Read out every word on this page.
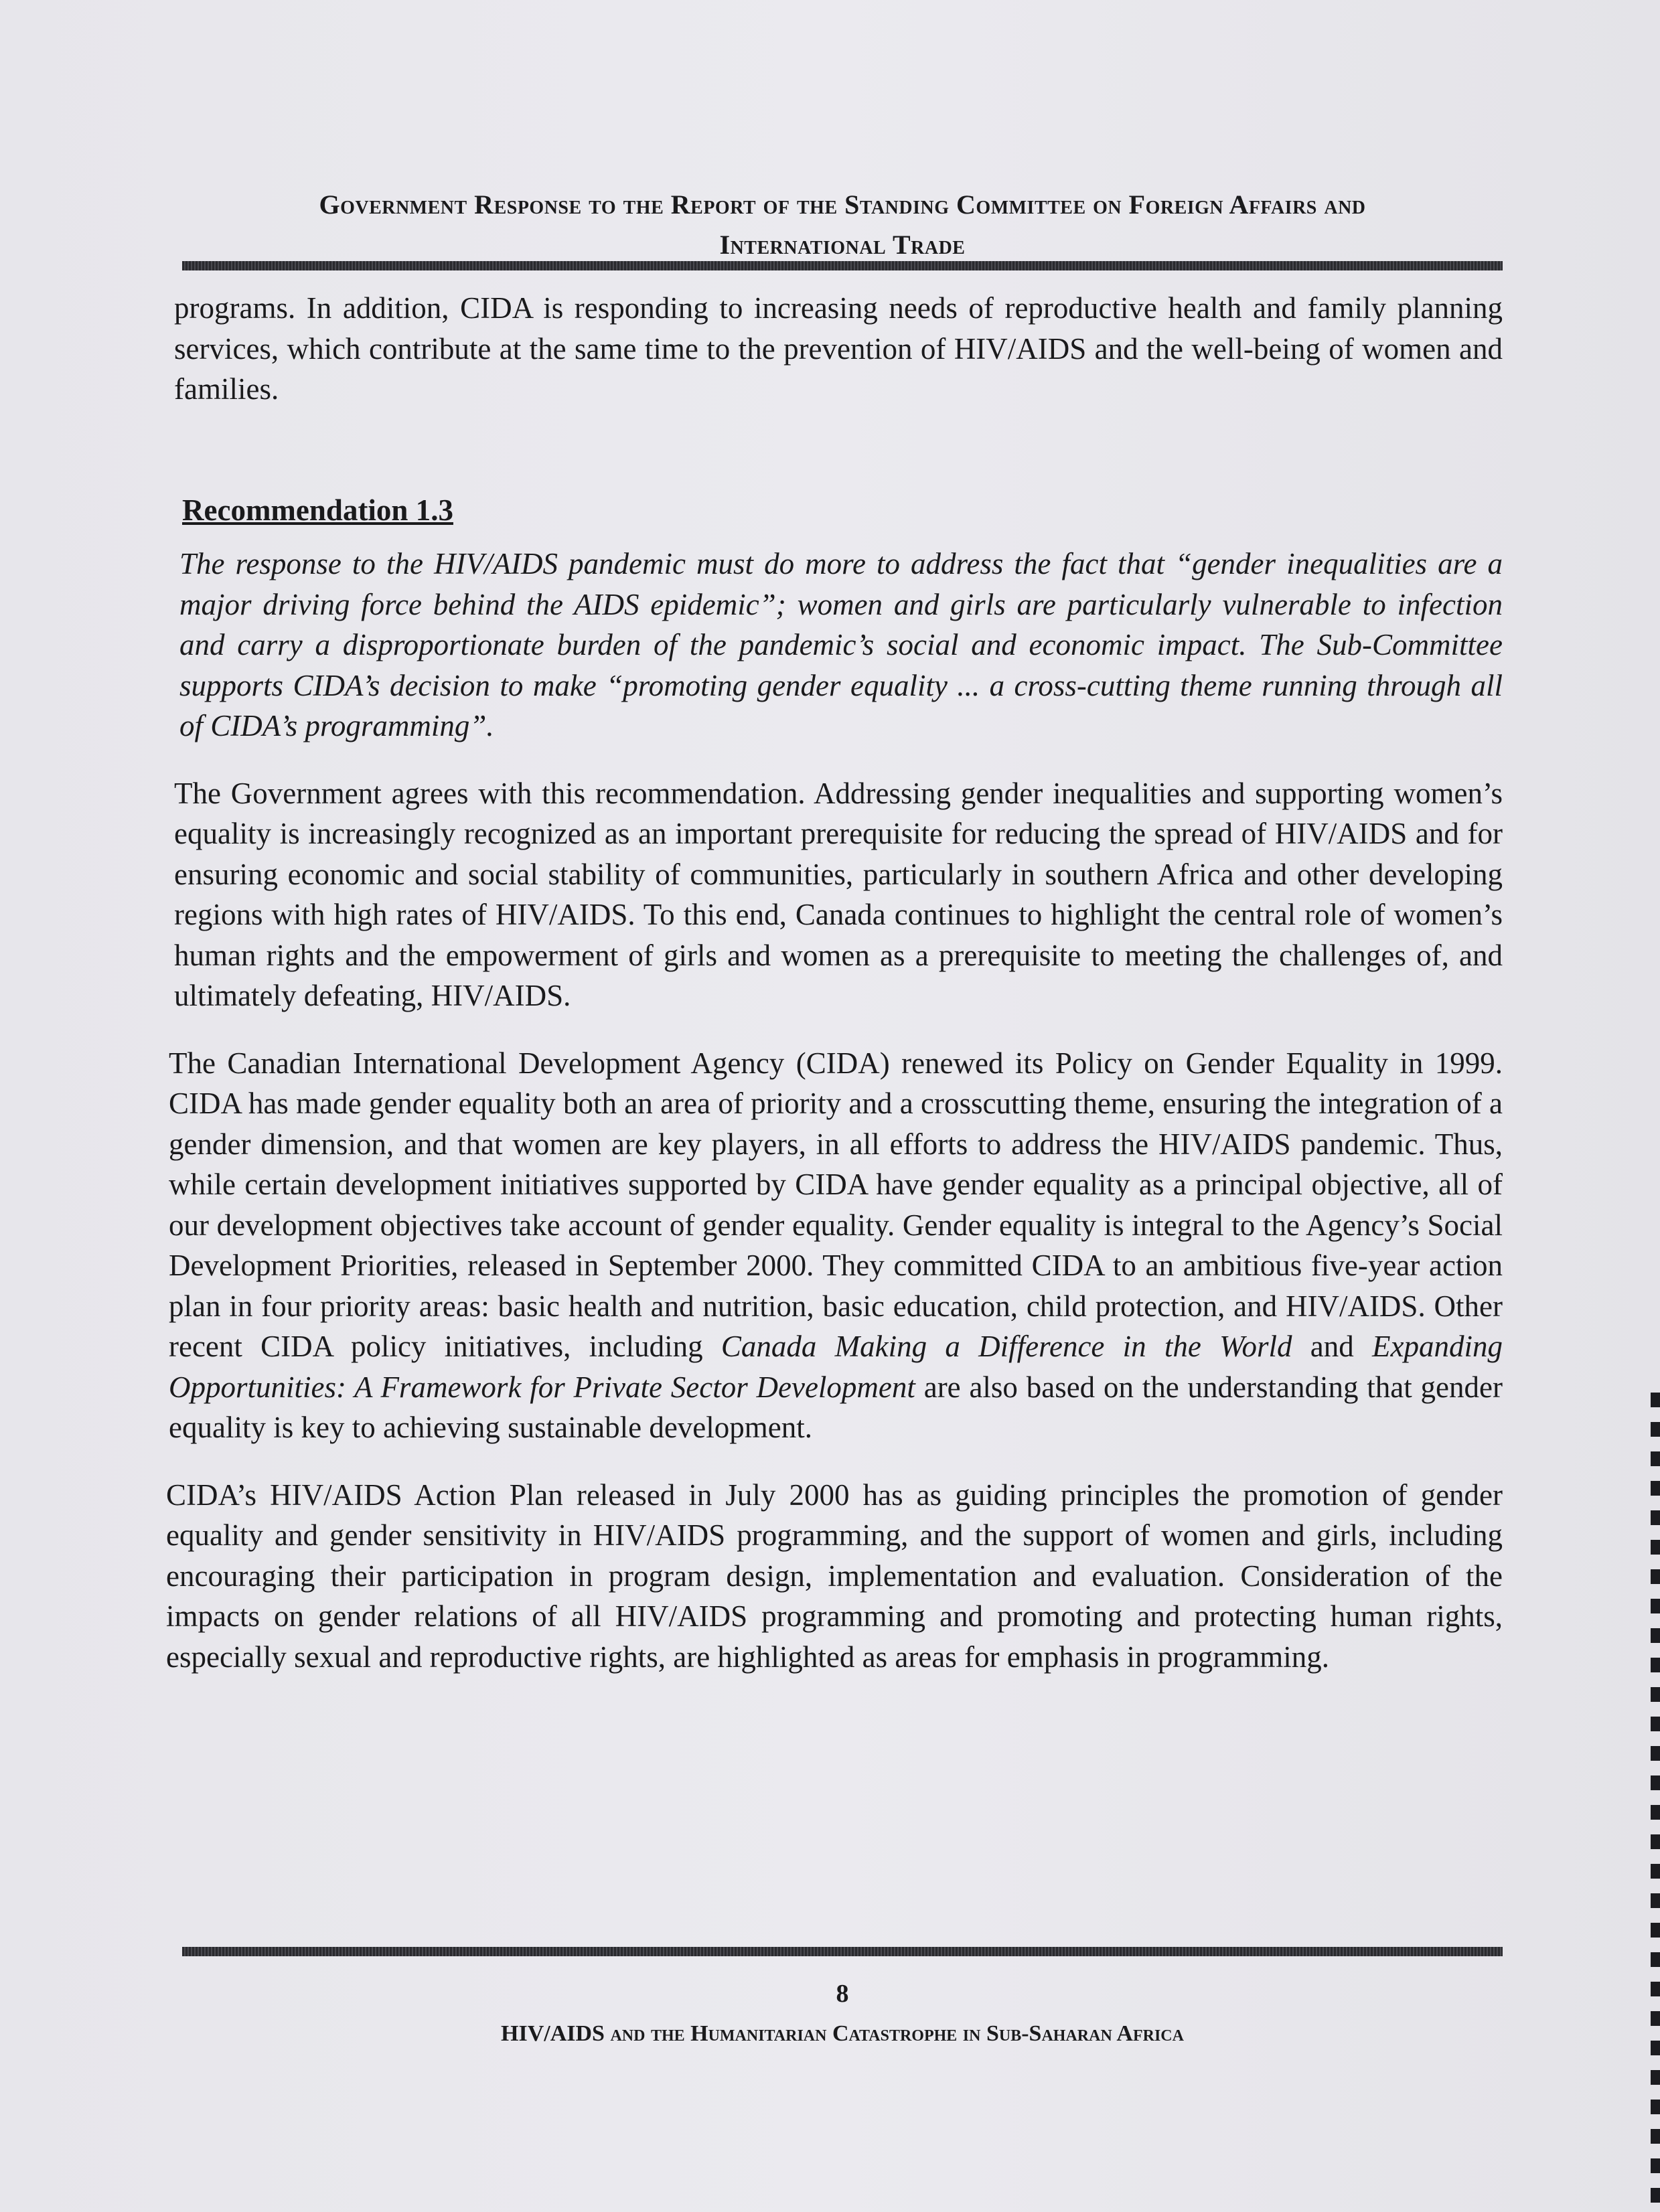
Government Response to the Report of the Standing Committee on Foreign Affairs and
International Trade

programs. In addition, CIDA is responding to increasing needs of reproductive health and family planning services, which contribute at the same time to the prevention of HIV/AIDS and the well-being of women and families.

Recommendation 1.3

The response to the HIV/AIDS pandemic must do more to address the fact that “gender inequalities are a major driving force behind the AIDS epidemic”; women and girls are particularly vulnerable to infection and carry a disproportionate burden of the pandemic’s social and economic impact. The Sub-Committee supports CIDA’s decision to make “promoting gender equality ... a cross-cutting theme running through all of CIDA’s programming”.

The Government agrees with this recommendation. Addressing gender inequalities and supporting women’s equality is increasingly recognized as an important prerequisite for reducing the spread of HIV/AIDS and for ensuring economic and social stability of communities, particularly in southern Africa and other developing regions with high rates of HIV/AIDS. To this end, Canada continues to highlight the central role of women’s human rights and the empowerment of girls and women as a prerequisite to meeting the challenges of, and ultimately defeating, HIV/AIDS.

The Canadian International Development Agency (CIDA) renewed its Policy on Gender Equality in 1999. CIDA has made gender equality both an area of priority and a crosscutting theme, ensuring the integration of a gender dimension, and that women are key players, in all efforts to address the HIV/AIDS pandemic. Thus, while certain development initiatives supported by CIDA have gender equality as a principal objective, all of our development objectives take account of gender equality. Gender equality is integral to the Agency’s Social Development Priorities, released in September 2000. They committed CIDA to an ambitious five-year action plan in four priority areas: basic health and nutrition, basic education, child protection, and HIV/AIDS. Other recent CIDA policy initiatives, including Canada Making a Difference in the World and Expanding Opportunities: A Framework for Private Sector Development are also based on the understanding that gender equality is key to achieving sustainable development.

CIDA’s HIV/AIDS Action Plan released in July 2000 has as guiding principles the promotion of gender equality and gender sensitivity in HIV/AIDS programming, and the support of women and girls, including encouraging their participation in program design, implementation and evaluation. Consideration of the impacts on gender relations of all HIV/AIDS programming and promoting and protecting human rights, especially sexual and reproductive rights, are highlighted as areas for emphasis in programming.

8
HIV/AIDS and the Humanitarian Catastrophe in Sub-Saharan Africa
